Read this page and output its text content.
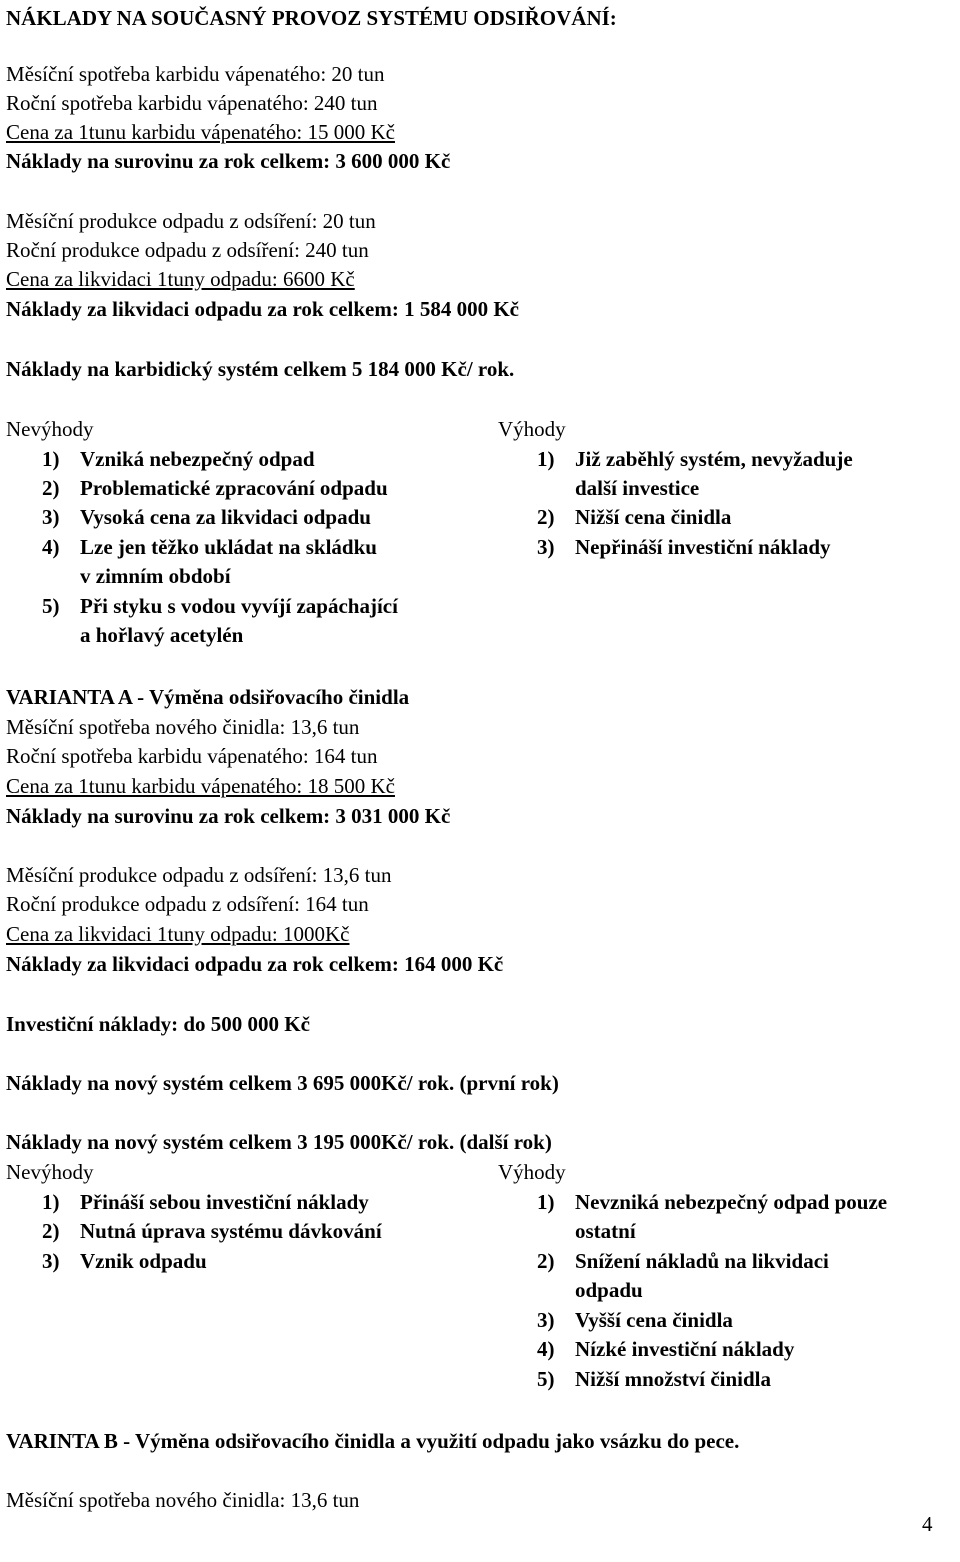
NÁKLADY NA SOUČASNÝ PROVOZ SYSTÉMU ODSIŘOVÁNÍ:
Měsíční spotřeba karbidu vápenatého: 20 tun
Roční spotřeba karbidu vápenatého: 240 tun
Cena za 1tunu karbidu vápenatého: 15 000 Kč
Náklady na surovinu za rok celkem: 3 600 000 Kč
Měsíční produkce odpadu z odsíření: 20 tun
Roční produkce odpadu z odsíření: 240 tun
Cena za likvidaci 1tuny odpadu: 6600 Kč
Náklady za likvidaci odpadu za rok celkem: 1 584 000 Kč
Náklady na karbidický systém celkem 5 184 000 Kč/ rok.
Nevýhody	Výhody
1) Vzniká nebezpečný odpad
2) Problematické zpracování odpadu
3) Vysoká cena za likvidaci odpadu
4) Lze jen těžko ukládat na skládku
v zimním období
5) Při styku s vodou vyvíjí zapáchající
a hořlavý acetylén
1) Již zaběhlý systém, nevyžaduje
další investice
2) Nižší cena činidla
3) Nepřináší investiční náklady
VARIANTA A - Výměna odsiřovacího činidla
Měsíční spotřeba nového činidla: 13,6 tun
Roční spotřeba karbidu vápenatého: 164 tun
Cena za 1tunu karbidu vápenatého: 18 500 Kč
Náklady na surovinu za rok celkem: 3 031 000 Kč
Měsíční produkce odpadu z odsíření: 13,6 tun
Roční produkce odpadu z odsíření: 164 tun
Cena za likvidaci 1tuny odpadu: 1000Kč
Náklady za likvidaci odpadu za rok celkem: 164 000 Kč
Investiční náklady: do 500 000 Kč
Náklady na nový systém celkem 3 695 000Kč/ rok. (první rok)
Náklady na nový systém celkem 3 195 000Kč/ rok. (další rok)
Nevýhody	Výhody
1) Přináší sebou investiční náklady
2) Nutná úprava systému dávkování
3) Vznik odpadu
1) Nevzniká nebezpečný odpad pouze
ostatní
2) Snížení nákladů na likvidaci
odpadu
3) Vyšší cena činidla
4) Nízké investiční náklady
5) Nižší množství činidla
VARINTA B - Výměna odsiřovacího činidla a využití odpadu jako vsázku do pece.
Měsíční spotřeba nového činidla: 13,6 tun
4
